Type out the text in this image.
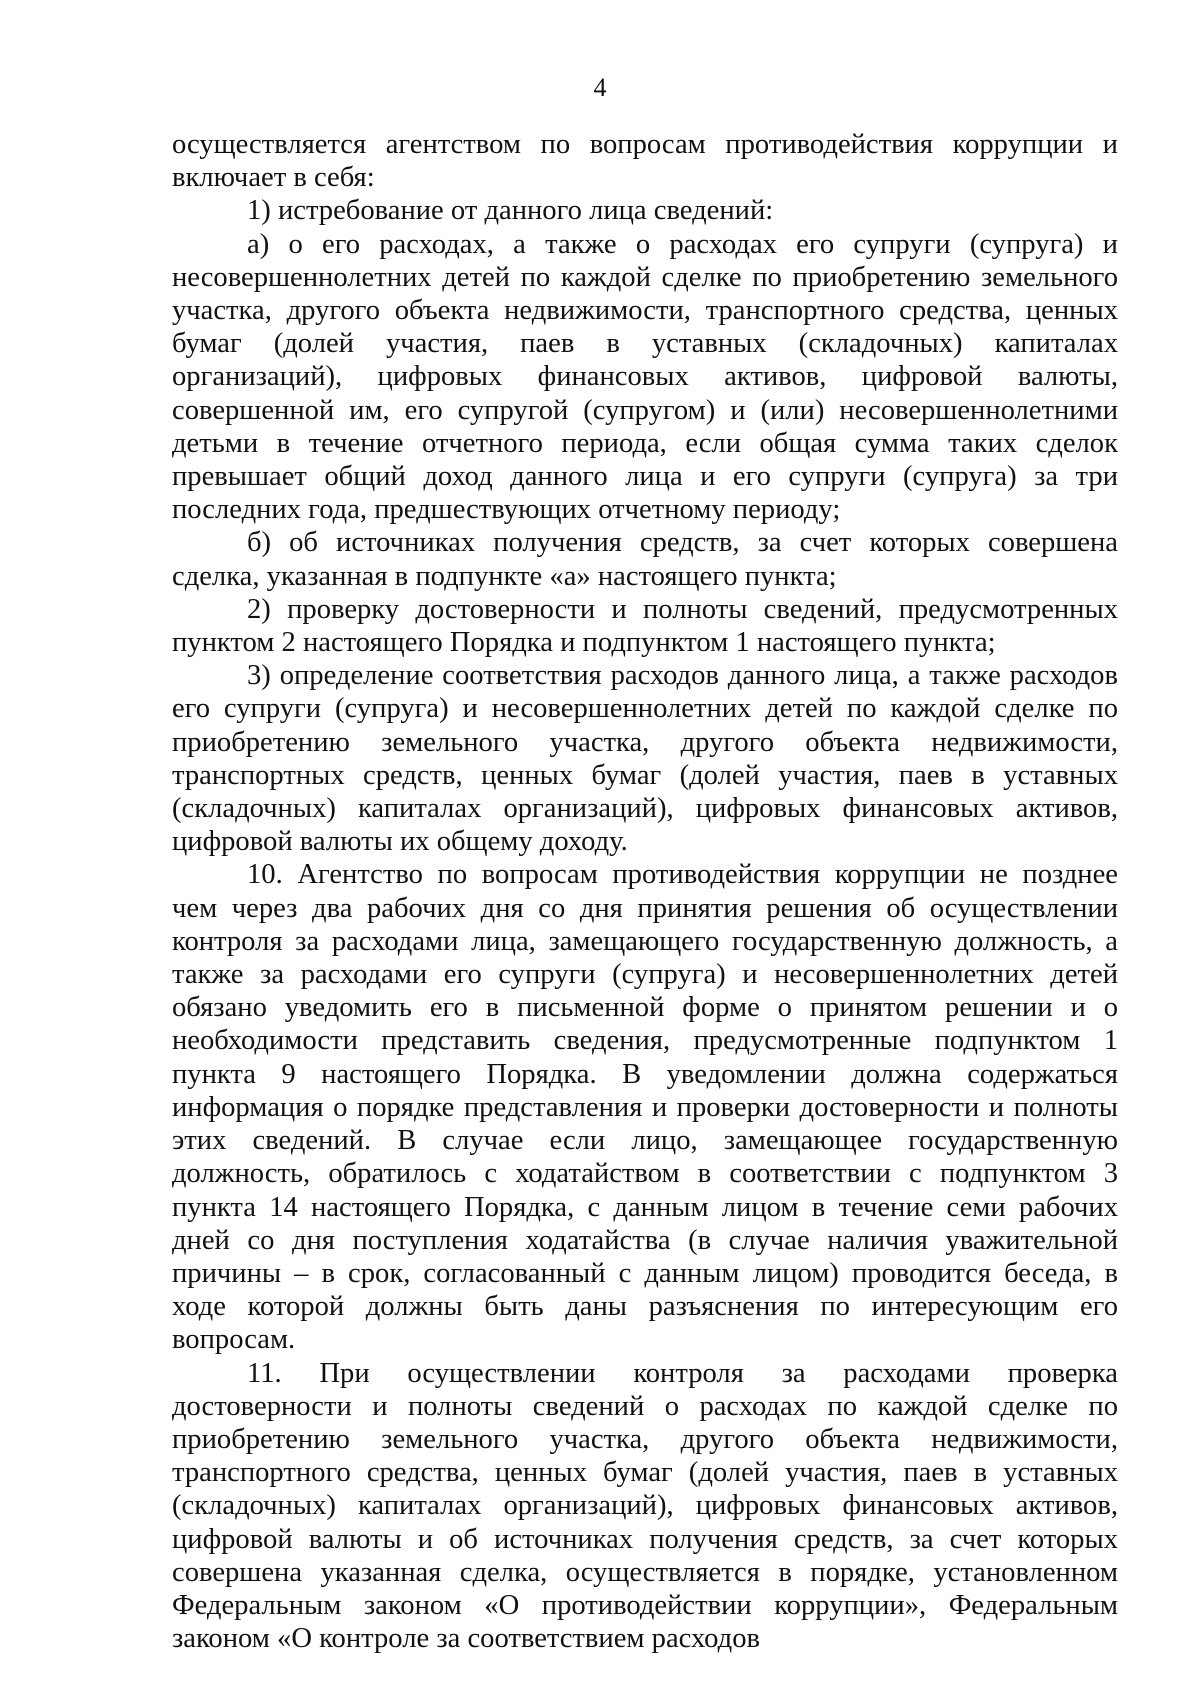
4

осуществляется агентством по вопросам противодействия коррупции и включает в себя:

1) истребование от данного лица сведений:

а) о его расходах, а также о расходах его супруги (супруга) и несовершеннолетних детей по каждой сделке по приобретению земельного участка, другого объекта недвижимости, транспортного средства, ценных бумаг (долей участия, паев в уставных (складочных) капиталах организаций), цифровых финансовых активов, цифровой валюты, совершенной им, его супругой (супругом) и (или) несовершеннолетними детьми в течение отчетного периода, если общая сумма таких сделок превышает общий доход данного лица и его супруги (супруга) за три последних года, предшествующих отчетному периоду;

б) об источниках получения средств, за счет которых совершена сделка, указанная в подпункте «а» настоящего пункта;

2) проверку достоверности и полноты сведений, предусмотренных пунктом 2 настоящего Порядка и подпунктом 1 настоящего пункта;

3) определение соответствия расходов данного лица, а также расходов его супруги (супруга) и несовершеннолетних детей по каждой сделке по приобретению земельного участка, другого объекта недвижимости, транспортных средств, ценных бумаг (долей участия, паев в уставных (складочных) капиталах организаций), цифровых финансовых активов, цифровой валюты их общему доходу.

10. Агентство по вопросам противодействия коррупции не позднее чем через два рабочих дня со дня принятия решения об осуществлении контроля за расходами лица, замещающего государственную должность, а также за расходами его супруги (супруга) и несовершеннолетних детей обязано уведомить его в письменной форме о принятом решении и о необходимости представить сведения, предусмотренные подпунктом 1 пункта 9 настоящего Порядка. В уведомлении должна содержаться информация о порядке представления и проверки достоверности и полноты этих сведений. В случае если лицо, замещающее государственную должность, обратилось с ходатайством в соответствии с подпунктом 3 пункта 14 настоящего Порядка, с данным лицом в течение семи рабочих дней со дня поступления ходатайства (в случае наличия уважительной причины – в срок, согласованный с данным лицом) проводится беседа, в ходе которой должны быть даны разъяснения по интересующим его вопросам.

11. При осуществлении контроля за расходами проверка достоверности и полноты сведений о расходах по каждой сделке по приобретению земельного участка, другого объекта недвижимости, транспортного средства, ценных бумаг (долей участия, паев в уставных (складочных) капиталах организаций), цифровых финансовых активов, цифровой валюты и об источниках получения средств, за счет которых совершена указанная сделка, осуществляется в порядке, установленном Федеральным законом «О противодействии коррупции», Федеральным законом «О контроле за соответствием расходов
